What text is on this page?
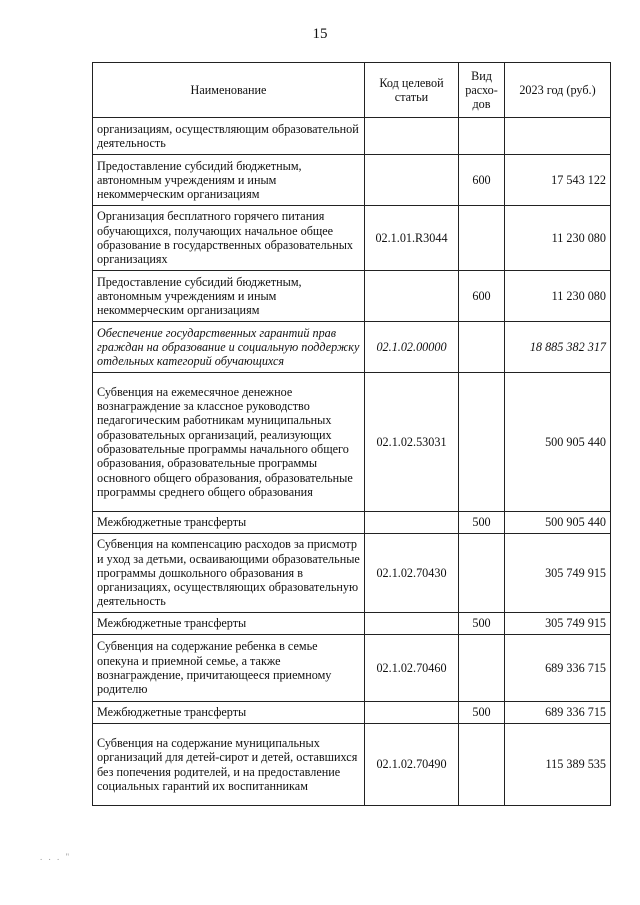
15
Наименование	Код целевой статьи	Вид расхо-дов	2023 год (руб.)
организациям, осуществляющим образовательной деятельность			
Предоставление субсидий бюджетным, автономным учреждениям и иным некоммерческим организациям		600	17 543 122
Организация бесплатного горячего питания обучающихся, получающих начальное общее образование в государственных образовательных организациях	02.1.01.R3044		11 230 080
Предоставление субсидий бюджетным, автономным учреждениям и иным некоммерческим организациям		600	11 230 080
Обеспечение государственных гарантий прав граждан на образование и социальную поддержку отдельных категорий обучающихся	02.1.02.00000		18 885 382 317
Субвенция на ежемесячное денежное вознаграждение за классное руководство педагогическим работникам муниципальных образовательных организаций, реализующих образовательные программы начального общего образования, образовательные программы основного общего образования, образовательные программы среднего общего образования	02.1.02.53031		500 905 440
Межбюджетные трансферты		500	500 905 440
Субвенция на компенсацию расходов за присмотр и уход за детьми, осваивающими образовательные программы дошкольного образования в организациях, осуществляющих образовательную деятельность	02.1.02.70430		305 749 915
Межбюджетные трансферты		500	305 749 915
Субвенция на содержание ребенка в семье опекуна и приемной семье, а также вознаграждение, причитающееся приемному родителю	02.1.02.70460		689 336 715
Межбюджетные трансферты		500	689 336 715
Субвенция на содержание муниципальных организаций для детей-сирот и детей, оставшихся без попечения родителей, и на предоставление социальных гарантий их воспитанникам	02.1.02.70490		115 389 535
. . . "
